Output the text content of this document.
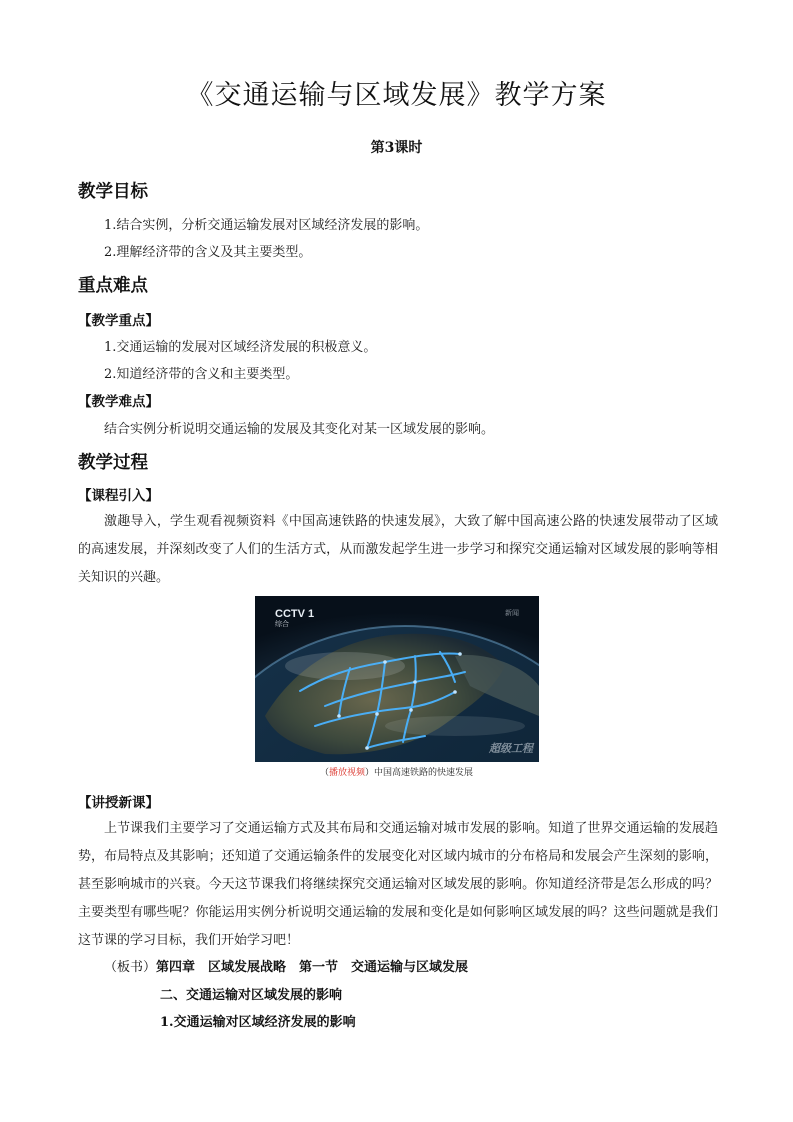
《交通运输与区域发展》教学方案
第3课时
教学目标
1.结合实例，分析交通运输发展对区域经济发展的影响。
2.理解经济带的含义及其主要类型。
重点难点
【教学重点】
1.交通运输的发展对区域经济发展的积极意义。
2.知道经济带的含义和主要类型。
【教学难点】
结合实例分析说明交通运输的发展及其变化对某一区域发展的影响。
教学过程
【课程引入】
激趣导入，学生观看视频资料《中国高速铁路的快速发展》，大致了解中国高速公路的快速发展带动了区域的高速发展，并深刻改变了人们的生活方式，从而激发起学生进一步学习和探究交通运输对区域发展的影响等相关知识的兴趣。
CCTV 1
综合
新闻
超级工程
（播放视频）中国高速铁路的快速发展
【讲授新课】
上节课我们主要学习了交通运输方式及其布局和交通运输对城市发展的影响。知道了世界交通运输的发展趋势，布局特点及其影响；还知道了交通运输条件的发展变化对区域内城市的分布格局和发展会产生深刻的影响，甚至影响城市的兴衰。今天这节课我们将继续探究交通运输对区域发展的影响。你知道经济带是怎么形成的吗？主要类型有哪些呢？你能运用实例分析说明交通运输的发展和变化是如何影响区域发展的吗？这些问题就是我们这节课的学习目标，我们开始学习吧！
（板书）第四章　区域发展战略　第一节　交通运输与区域发展
二、交通运输对区域发展的影响
1.交通运输对区域经济发展的影响
